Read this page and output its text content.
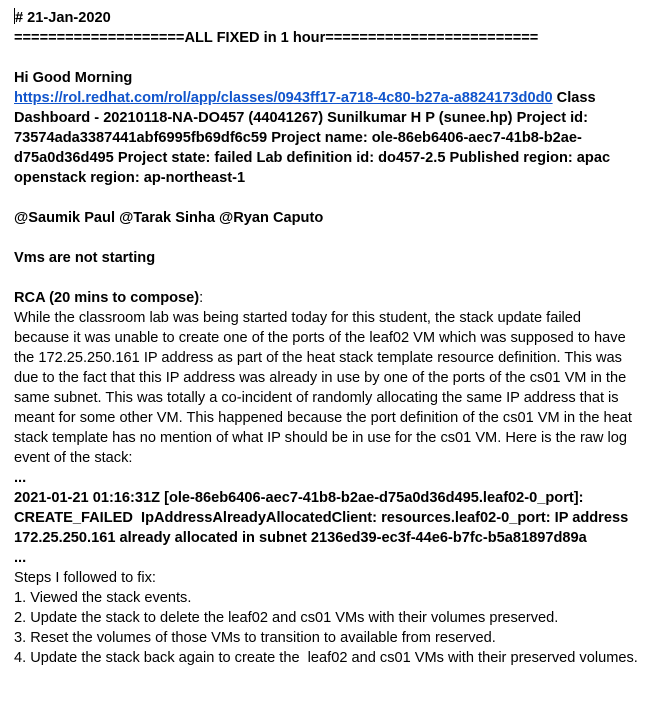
# 21-Jan-2020

====================ALL FIXED in 1 hour=========================

Hi Good Morning

https://rol.redhat.com/rol/app/classes/0943ff17-a718-4c80-b27a-a8824173d0d0 Class Dashboard - 20210118-NA-DO457 (44041267) Sunilkumar H P (sunee.hp) Project id: 73574ada3387441abf6995fb69df6c59 Project name: ole-86eb6406-aec7-41b8-b2ae-d75a0d36d495 Project state: failed Lab definition id: do457-2.5 Published region: apac openstack region: ap-northeast-1

@Saumik Paul @Tarak Sinha @Ryan Caputo

Vms are not starting

RCA (20 mins to compose):

While the classroom lab was being started today for this student, the stack update failed because it was unable to create one of the ports of the leaf02 VM which was supposed to have the 172.25.250.161 IP address as part of the heat stack template resource definition. This was due to the fact that this IP address was already in use by one of the ports of the cs01 VM in the same subnet. This was totally a co-incident of randomly allocating the same IP address that is meant for some other VM. This happened because the port definition of the cs01 VM in the heat stack template has no mention of what IP should be in use for the cs01 VM. Here is the raw log event of the stack:

...

2021-01-21 01:16:31Z [ole-86eb6406-aec7-41b8-b2ae-d75a0d36d495.leaf02-0_port]: CREATE_FAILED  IpAddressAlreadyAllocatedClient: resources.leaf02-0_port: IP address 172.25.250.161 already allocated in subnet 2136ed39-ec3f-44e6-b7fc-b5a81897d89a

...

Steps I followed to fix:

1. Viewed the stack events.

2. Update the stack to delete the leaf02 and cs01 VMs with their volumes preserved.

3. Reset the volumes of those VMs to transition to available from reserved.

4. Update the stack back again to create the  leaf02 and cs01 VMs with their preserved volumes.
